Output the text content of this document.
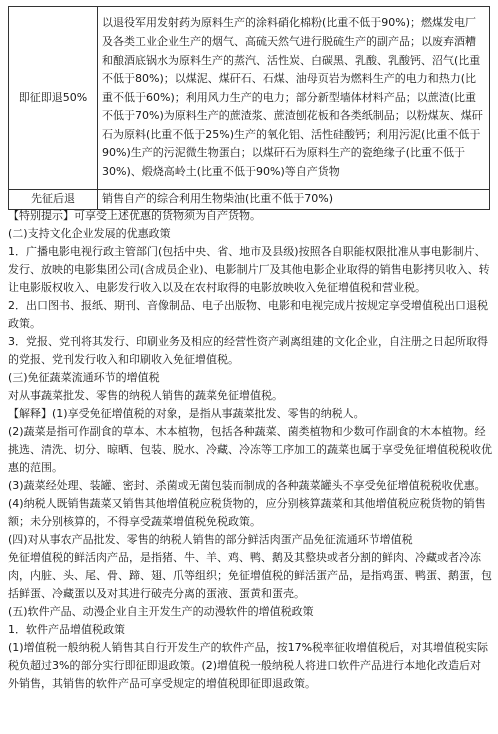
即征即退50%	以退役军用发射药为原料生产的涂料硝化棉粉(比重不低于90%)；燃煤发电厂及各类工业企业生产的烟气、高硫天然气进行脱硫生产的副产品；以废弃酒糟和酿酒底锅水为原料生产的蒸汽、活性炭、白碳黑、乳酸、乳酸钙、沼气(比重不低于80%)；以煤泥、煤矸石、石煤、油母页岩为燃料生产的电力和热力(比重不低于60%)；利用风力生产的电力；部分新型墙体材料产品；以蔗渣(比重不低于70%)为原料生产的蔗渣浆、蔗渣刨花板和各类纸制品；以粉煤灰、煤矸石为原料(比重不低于25%)生产的氧化铝、活性硅酸钙；利用污泥(比重不低于90%)生产的污泥微生物蛋白；以煤矸石为原料生产的瓷绝缘子(比重不低于30%)、煅烧高岭土(比重不低于90%)等自产货物
先征后退	销售自产的综合利用生物柴油(比重不低于70%)

【特别提示】可享受上述优惠的货物须为自产货物。

(二)支持文化企业发展的优惠政策

1．广播电影电视行政主管部门(包括中央、省、地市及县级)按照各自职能权限批准从事电影制片、发行、放映的电影集团公司(含成员企业)、电影制片厂及其他电影企业取得的销售电影拷贝收入、转让电影版权收入、电影发行收入以及在农村取得的电影放映收入免征增值税和营业税。

2．出口图书、报纸、期刊、音像制品、电子出版物、电影和电视完成片按规定享受增值税出口退税政策。

3．党报、党刊将其发行、印刷业务及相应的经营性资产剥离组建的文化企业，自注册之日起所取得的党报、党刊发行收入和印刷收入免征增值税。

(三)免征蔬菜流通环节的增值税

对从事蔬菜批发、零售的纳税人销售的蔬菜免征增值税。

【解释】(1)享受免征增值税的对象，是指从事蔬菜批发、零售的纳税人。

(2)蔬菜是指可作副食的草本、木本植物，包括各种蔬菜、菌类植物和少数可作副食的木本植物。经挑选、清洗、切分、晾晒、包装、脱水、冷藏、冷冻等工序加工的蔬菜也属于享受免征增值税税收优惠的范围。

(3)蔬菜经处理、装罐、密封、杀菌或无菌包装而制成的各种蔬菜罐头不享受免征增值税税收优惠。

(4)纳税人既销售蔬菜又销售其他增值税应税货物的，应分别核算蔬菜和其他增值税应税货物的销售额；未分别核算的，不得享受蔬菜增值税免税政策。

(四)对从事农产品批发、零售的纳税人销售的部分鲜活肉蛋产品免征流通环节增值税

免征增值税的鲜活肉产品，是指猪、牛、羊、鸡、鸭、鹅及其整块或者分割的鲜肉、冷藏或者冷冻肉，内脏、头、尾、骨、蹄、翅、爪等组织；免征增值税的鲜活蛋产品，是指鸡蛋、鸭蛋、鹅蛋，包括鲜蛋、冷藏蛋以及对其进行破壳分离的蛋液、蛋黄和蛋壳。

(五)软件产品、动漫企业自主开发生产的动漫软件的增值税政策

1．软件产品增值税政策

(1)增值税一般纳税人销售其自行开发生产的软件产品，按17%税率征收增值税后，对其增值税实际税负超过3%的部分实行即征即退政策。(2)增值税一般纳税人将进口软件产品进行本地化改造后对外销售，其销售的软件产品可享受规定的增值税即征即退政策。
